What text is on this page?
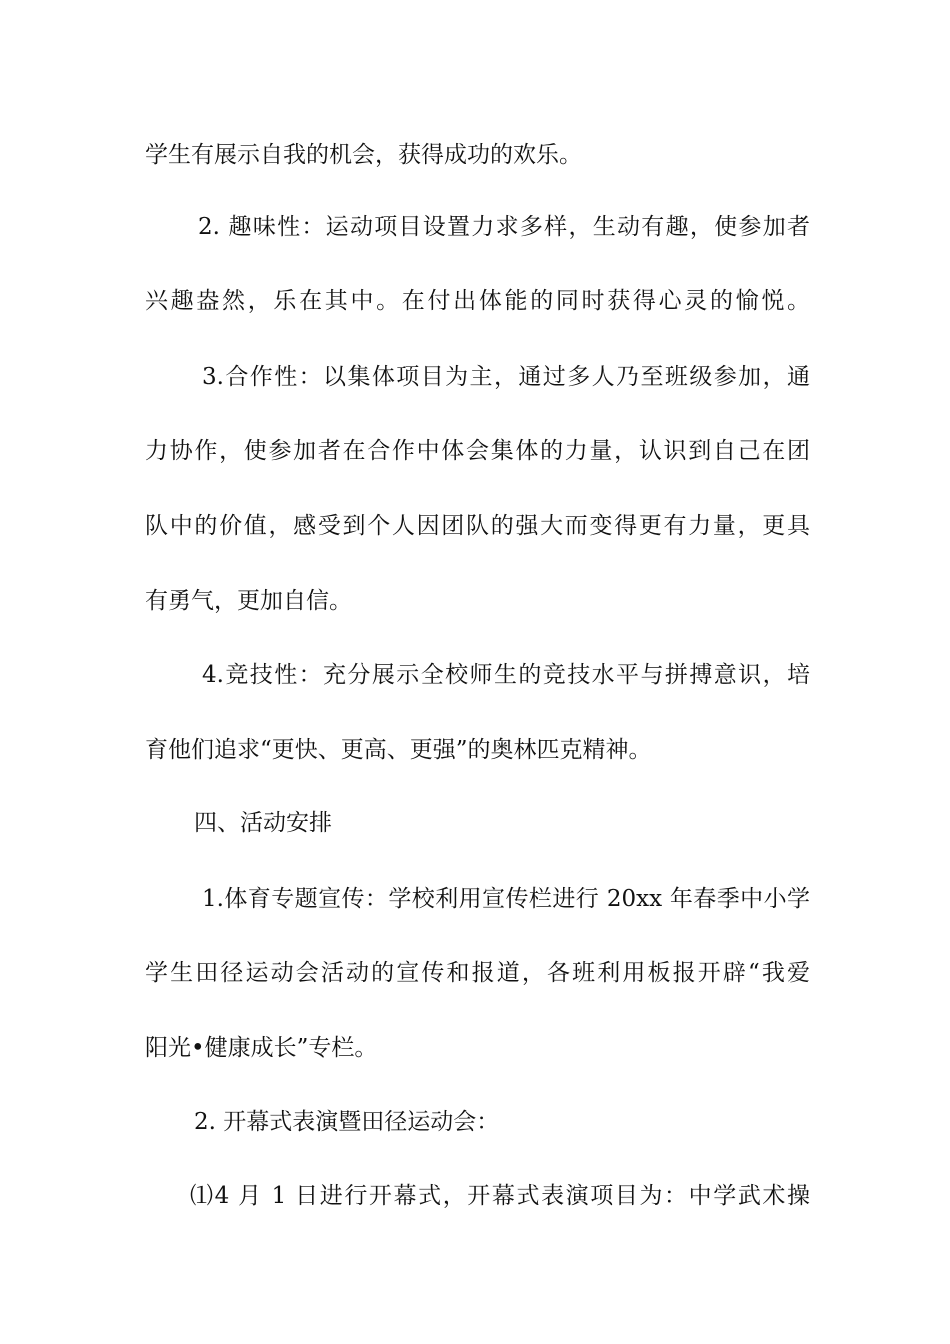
学生有展示自我的机会，获得成功的欢乐。
2. 趣味性：运动项目设置力求多样，生动有趣，使参加者
兴趣盎然，乐在其中。在付出体能的同时获得心灵的愉悦。
3.合作性：以集体项目为主，通过多人乃至班级参加，通
力协作，使参加者在合作中体会集体的力量，认识到自己在团
队中的价值，感受到个人因团队的强大而变得更有力量，更具
有勇气，更加自信。
4.竞技性：充分展示全校师生的竞技水平与拼搏意识，培
育他们追求“更快、更高、更强”的奥林匹克精神。
四、活动安排
1.体育专题宣传：学校利用宣传栏进行 20xx 年春季中小学
学生田径运动会活动的宣传和报道，各班利用板报开辟“我爱
阳光•健康成长”专栏。
2. 开幕式表演暨田径运动会：
⑴4 月 1 日进行开幕式，开幕式表演项目为：中学武术操
